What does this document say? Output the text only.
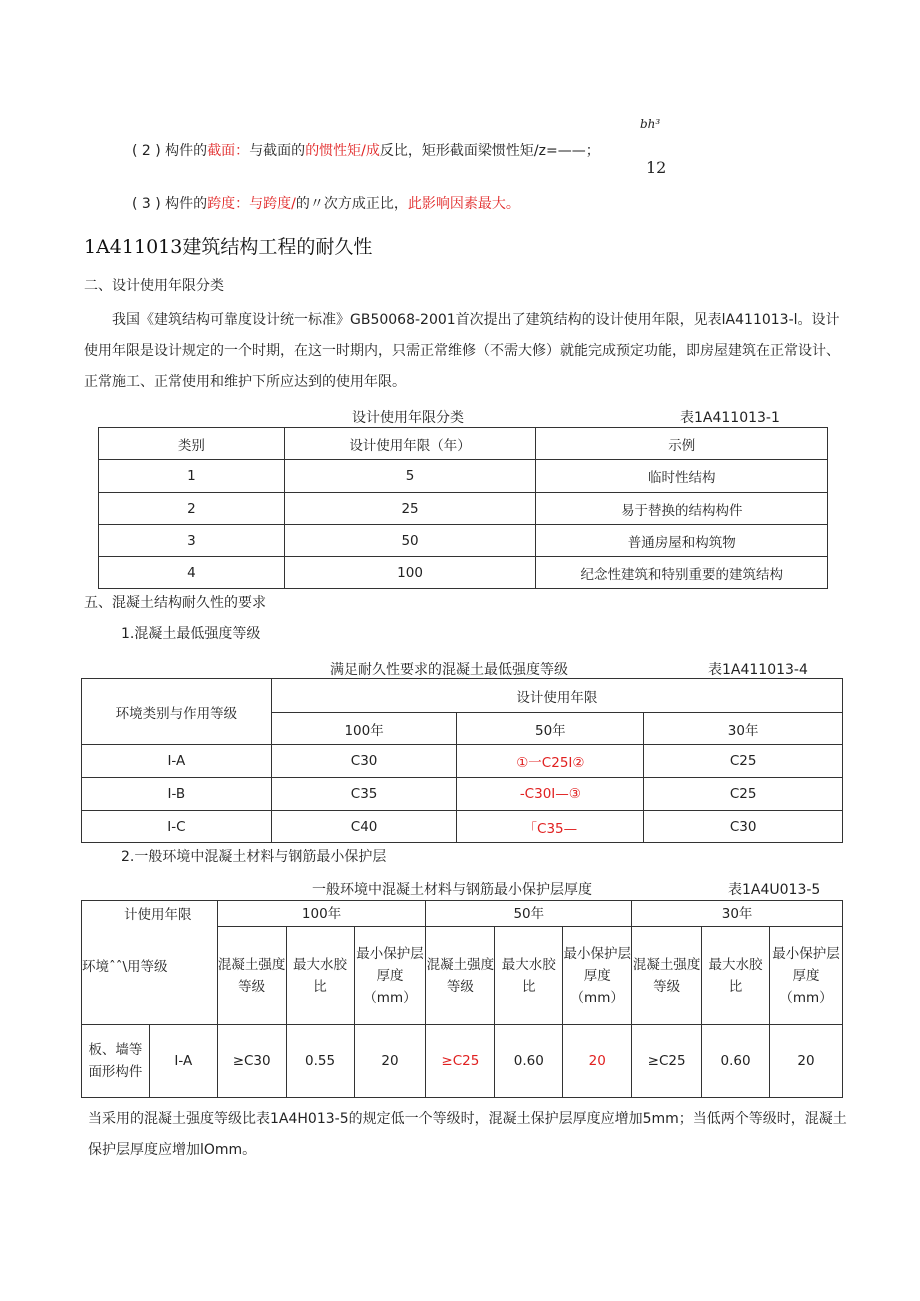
bh³
( 2 ) 构件的截面：与截面的的惯性矩/成反比，矩形截面梁惯性矩/z=——；
12
( 3 ) 构件的跨度：与跨度/的〃次方成正比，此影响因素最大。
1A411013建筑结构工程的耐久性
二、设计使用年限分类
我国《建筑结构可靠度设计统一标准》GB50068-2001首次提出了建筑结构的设计使用年限，见表lA411013-l。设计使用年限是设计规定的一个时期，在这一时期内，只需正常维修（不需大修）就能完成预定功能，即房屋建筑在正常设计、正常施工、正常使用和维护下所应达到的使用年限。
设计使用年限分类	表1A411013-1
类别	设计使用年限（年）	示例
1	5	临时性结构
2	25	易于替换的结构构件
3	50	普通房屋和构筑物
4	100	纪念性建筑和特别重要的建筑结构
五、混凝土结构耐久性的要求
1.混凝土最低强度等级
满足耐久性要求的混凝土最低强度等级	表1A411013-4
环境类别与作用等级	设计使用年限		
	100年	50年	30年
I-A	C30	①一C25I②	C25
I-B	C35	-C30I—③	C25
I-C	C40	「C35—	C30
2.一般环境中混凝土材料与钢筋最小保护层
一般环境中混凝土材料与钢筋最小保护层厚度	表1A4U013-5
计使用年限
环境ˆˆ\用等级		100年			50年			30年		
		混凝土强度等级	最大水胶比	最小保护层厚度（mm）	混凝土强度等级	最大水胶比	最小保护层厚度（mm）	混凝土强度等级	最大水胶比	最小保护层厚度（mm）
板、墙等面形构件	I-A	≥C30	0.55	20	≥C25	0.60	20	≥C25	0.60	20
当采用的混凝土强度等级比表1A4H013-5的规定低一个等级时，混凝土保护层厚度应增加5mm；当低两个等级时，混凝土保护层厚度应增加lOmm。
